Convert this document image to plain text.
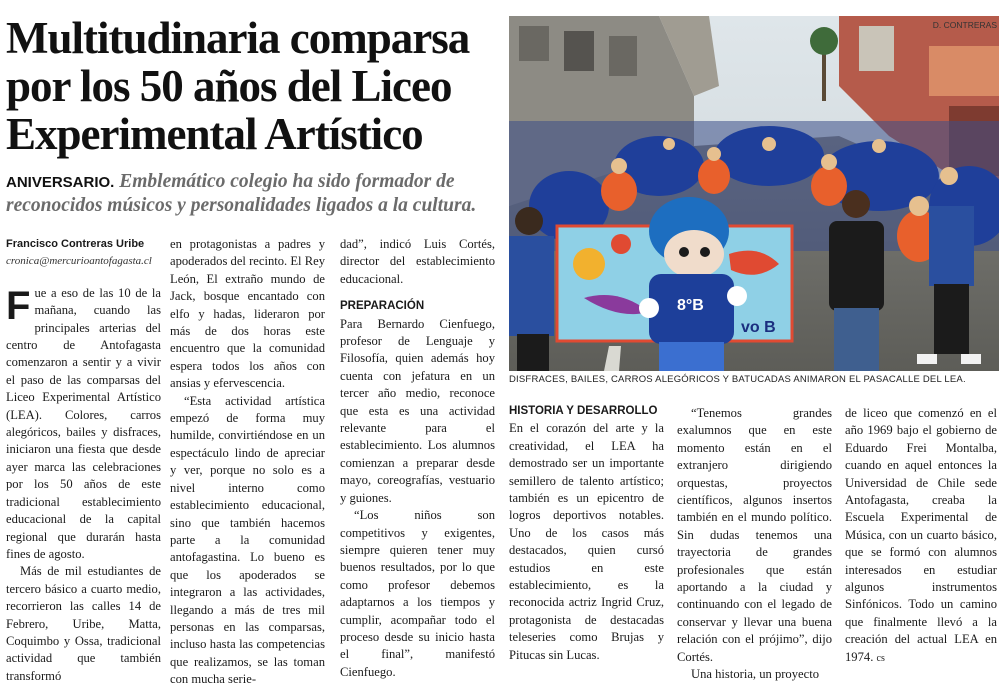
Multitudinaria comparsa por los 50 años del Liceo Experimental Artístico

ANIVERSARIO. Emblemático colegio ha sido formador de reconocidos músicos y personalidades ligados a la cultura.

vo B
8°B
D. CONTRERAS
DISFRACES, BAILES, CARROS ALEGÓRICOS Y BATUCADAS ANIMARON EL PASACALLE DEL LEA.

Francisco Contreras Uribe

cronica@mercurioantofagasta.cl

Fue a eso de las 10 de la mañana, cuando las principales arterias del centro de Antofagasta comenzaron a sentir y a vivir el paso de las comparsas del Liceo Experimental Artístico (LEA). Colores, carros alegóricos, bailes y disfraces, iniciaron una fiesta que desde ayer marca las celebraciones por los 50 años de este tradicional establecimiento educacional de la capital regional que durarán hasta fines de agosto.

Más de mil estudiantes de tercero básico a cuarto medio, recorrieron las calles 14 de Febrero, Uribe, Matta, Coquimbo y Ossa, tradicional actividad que también transformó

en protagonistas a padres y apoderados del recinto. El Rey León, El extraño mundo de Jack, bosque encantado con elfo y hadas, lideraron por más de dos horas este encuentro que la comunidad espera todos los años con ansias y efervescencia.

“Esta actividad artística empezó de forma muy humilde, convirtiéndose en un espectáculo lindo de apreciar y ver, porque no solo es a nivel interno como establecimiento educacional, sino que también hacemos parte a la comunidad antofagastina. Lo bueno es que los apoderados se integraron a las actividades, llegando a más de tres mil personas en las comparsas, incluso hasta las competencias que realizamos, se las toman con mucha serie-

dad”, indicó Luis Cortés, director del establecimiento educacional.

PREPARACIÓN

Para Bernardo Cienfuego, profesor de Lenguaje y Filosofía, quien además hoy cuenta con jefatura en un tercer año medio, reconoce que esta es una actividad relevante para el establecimiento. Los alumnos comienzan a preparar desde mayo, coreografías, vestuario y guiones.

“Los niños son competitivos y exigentes, siempre quieren tener muy buenos resultados, por lo que como profesor debemos adaptarnos a los tiempos y cumplir, acompañar todo el proceso desde su inicio hasta el final”, manifestó Cienfuego.

HISTORIA Y DESARROLLO

En el corazón del arte y la creatividad, el LEA ha demostrado ser un importante semillero de talento artístico; también es un epicentro de logros deportivos notables. Uno de los casos más destacados, quien cursó estudios en este establecimiento, es la reconocida actriz Ingrid Cruz, protagonista de destacadas teleseries como Brujas y Pitucas sin Lucas.

“Tenemos grandes exalumnos que en este momento están en el extranjero dirigiendo orquestas, proyectos científicos, algunos insertos también en el mundo político. Sin dudas tenemos una trayectoria de grandes profesionales que están aportando a la ciudad y continuando con el legado de conservar y llevar una buena relación con el prójimo”, dijo Cortés.

Una historia, un proyecto

de liceo que comenzó en el año 1969 bajo el gobierno de Eduardo Frei Montalba, cuando en aquel entonces la Universidad de Chile sede Antofagasta, creaba la Escuela Experimental de Música, con un cuarto básico, que se formó con alumnos interesados en estudiar algunos instrumentos Sinfónicos. Todo un camino que finalmente llevó a la creación del actual LEA en 1974. cs
